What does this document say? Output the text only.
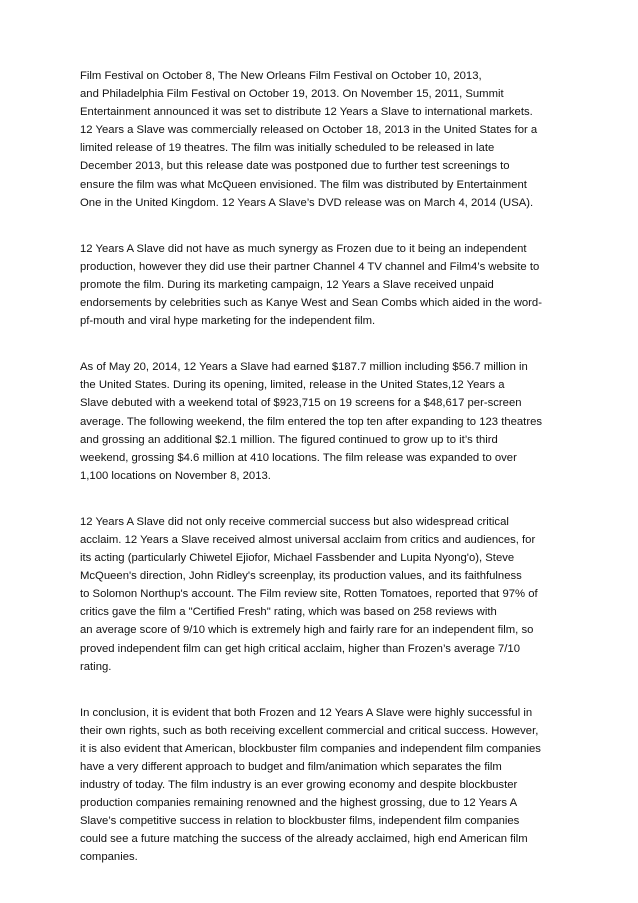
Film Festival on October 8, The New Orleans Film Festival on October 10, 2013,
and Philadelphia Film Festival on October 19, 2013. On November 15, 2011, Summit
Entertainment announced it was set to distribute 12 Years a Slave to international markets.
12 Years a Slave was commercially released on October 18, 2013 in the United States for a
limited release of 19 theatres. The film was initially scheduled to be released in late
December 2013, but this release date was postponed due to further test screenings to
ensure the film was what McQueen envisioned. The film was distributed by Entertainment
One in the United Kingdom. 12 Years A Slave’s DVD release was on March 4, 2014 (USA).

12 Years A Slave did not have as much synergy as Frozen due to it being an independent
production, however they did use their partner Channel 4 TV channel and Film4’s website to
promote the film. During its marketing campaign, 12 Years a Slave received unpaid
endorsements by celebrities such as Kanye West and Sean Combs which aided in the word-
pf-mouth and viral hype marketing for the independent film.

As of May 20, 2014, 12 Years a Slave had earned $187.7 million including $56.7 million in
the United States. During its opening, limited, release in the United States,12 Years a
Slave debuted with a weekend total of $923,715 on 19 screens for a $48,617 per-screen
average. The following weekend, the film entered the top ten after expanding to 123 theatres
and grossing an additional $2.1 million. The figured continued to grow up to it’s third
weekend, grossing $4.6 million at 410 locations. The film release was expanded to over
1,100 locations on November 8, 2013.

12 Years A Slave did not only receive commercial success but also widespread critical
acclaim. 12 Years a Slave received almost universal acclaim from critics and audiences, for
its acting (particularly Chiwetel Ejiofor, Michael Fassbender and Lupita Nyong'o), Steve
McQueen's direction, John Ridley's screenplay, its production values, and its faithfulness
to Solomon Northup's account. The Film review site, Rotten Tomatoes, reported that 97% of
critics gave the film a "Certified Fresh" rating, which was based on 258 reviews with
an average score of 9/10 which is extremely high and fairly rare for an independent film, so
proved independent film can get high critical acclaim, higher than Frozen’s average 7/10
rating.

In conclusion, it is evident that both Frozen and 12 Years A Slave were highly successful in
their own rights, such as both receiving excellent commercial and critical success. However,
it is also evident that American, blockbuster film companies and independent film companies
have a very different approach to budget and film/animation which separates the film
industry of today. The film industry is an ever growing economy and despite blockbuster
production companies remaining renowned and the highest grossing, due to 12 Years A
Slave’s competitive success in relation to blockbuster films, independent film companies
could see a future matching the success of the already acclaimed, high end American film
companies.
